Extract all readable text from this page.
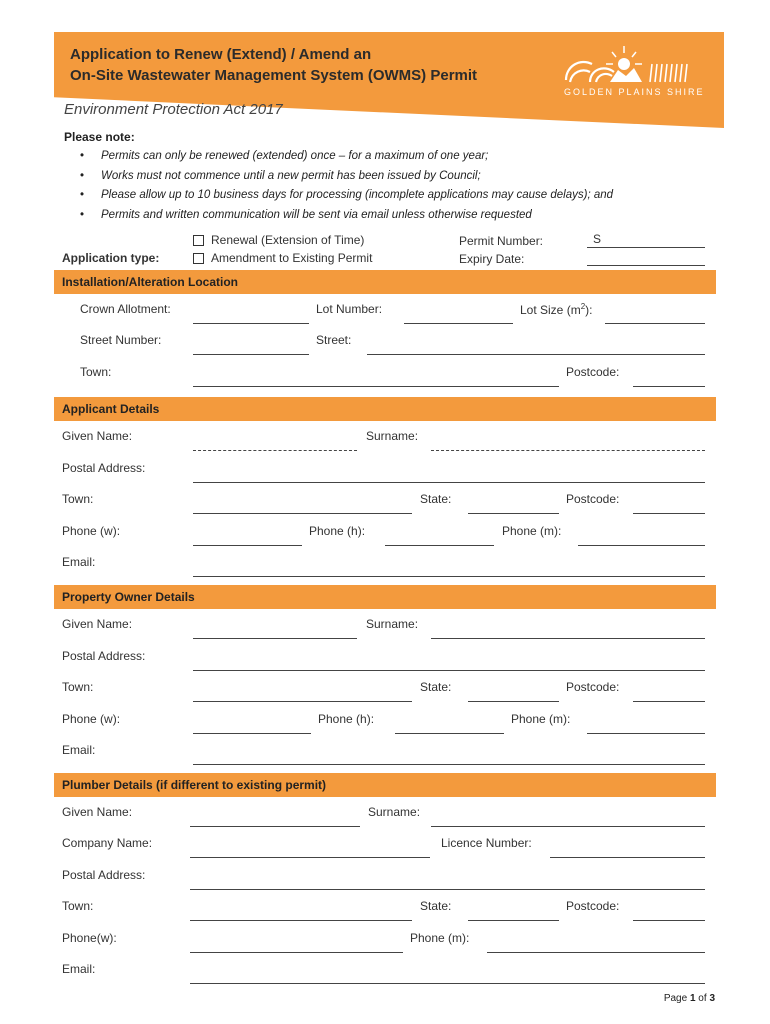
Application to Renew (Extend) / Amend an
On-Site Wastewater Management System (OWMS) Permit
GOLDEN PLAINS SHIRE
Environment Protection Act 2017
Please note:
• Permits can only be renewed (extended) once – for a maximum of one year;
• Works must not commence until a new permit has been issued by Council;
• Please allow up to 10 business days for processing (incomplete applications may cause delays); and
• Permits and written communication will be sent via email unless otherwise requested
Renewal (Extension of Time)
Amendment to Existing Permit
Application type:
Permit Number:	S
Expiry Date:
Installation/Alteration Location
Crown Allotment:	Lot Number:	Lot Size $(m^2)$:
Street Number:	Street:
Town:	Postcode:
Applicant Details
Given Name:	Surname:
Postal Address:
Town:	State:	Postcode:
Phone (w):	Phone (h):	Phone (m):
Email:
Property Owner Details
Given Name:	Surname:
Postal Address:
Town:	State:	Postcode:
Phone (w):	Phone (h):	Phone (m):
Email:
Plumber Details (if different to existing permit)
Given Name:	Surname:
Company Name:	Licence Number:
Postal Address:
Town:	State:	Postcode:
Phone(w):	Phone (m):
Email:
Page 1 of 3
